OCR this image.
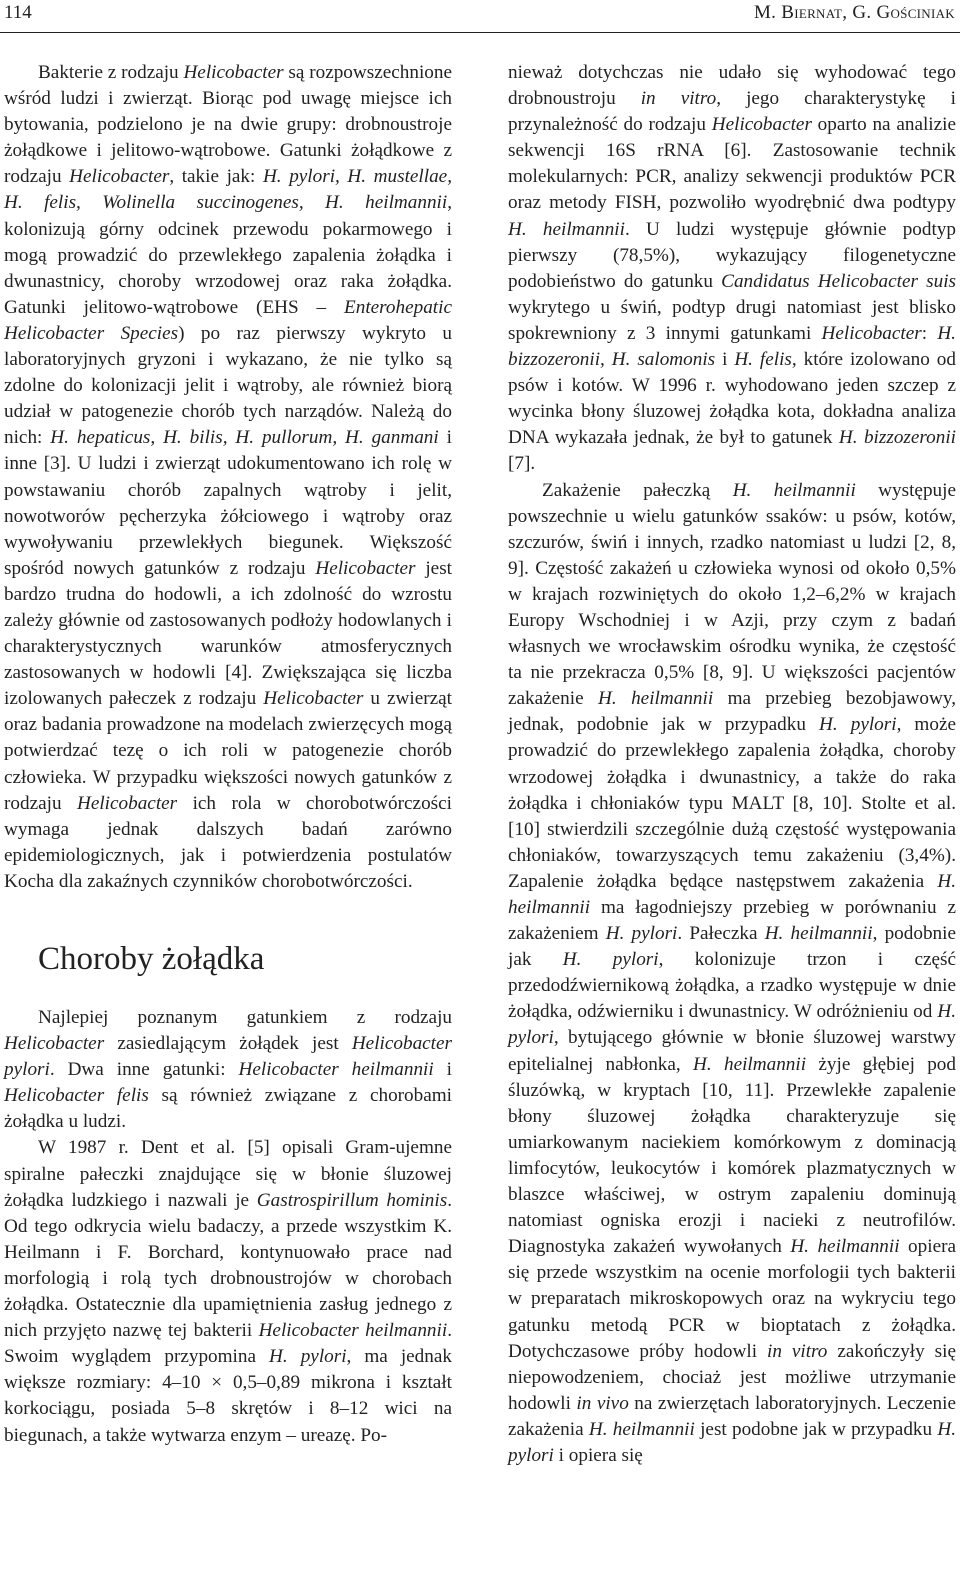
114	M. Biernat, G. Gościniak

Bakterie z rodzaju Helicobacter są rozpowszechnione wśród ludzi i zwierząt. Biorąc pod uwagę miejsce ich bytowania, podzielono je na dwie grupy: drobnoustroje żołądkowe i jelitowo-wątrobowe. Gatunki żołądkowe z rodzaju Helicobacter, takie jak: H. pylori, H. mustellae, H. felis, Wolinella succinogenes, H. heilmannii, kolonizują górny odcinek przewodu pokarmowego i mogą prowadzić do przewlekłego zapalenia żołądka i dwunastnicy, choroby wrzodowej oraz raka żołądka. Gatunki jelitowo-wątrobowe (EHS – Enterohepatic Helicobacter Species) po raz pierwszy wykryto u laboratoryjnych gryzoni i wykazano, że nie tylko są zdolne do kolonizacji jelit i wątroby, ale również biorą udział w patogenezie chorób tych narządów. Należą do nich: H. hepaticus, H. bilis, H. pullorum, H. ganmani i inne [3]. U ludzi i zwierząt udokumentowano ich rolę w powstawaniu chorób zapalnych wątroby i jelit, nowotworów pęcherzyka żółciowego i wątroby oraz wywoływaniu przewlekłych biegunek. Większość spośród nowych gatunków z rodzaju Helicobacter jest bardzo trudna do hodowli, a ich zdolność do wzrostu zależy głównie od zastosowanych podłoży hodowlanych i charakterystycznych warunków atmosferycznych zastosowanych w hodowli [4]. Zwiększająca się liczba izolowanych pałeczek z rodzaju Helicobacter u zwierząt oraz badania prowadzone na modelach zwierzęcych mogą potwierdzać tezę o ich roli w patogenezie chorób człowieka. W przypadku większości nowych gatunków z rodzaju Helicobacter ich rola w chorobotwórczości wymaga jednak dalszych badań zarówno epidemiologicznych, jak i potwierdzenia postulatów Kocha dla zakaźnych czynników chorobotwórczości.

Choroby żołądka

Najlepiej poznanym gatunkiem z rodzaju Helicobacter zasiedlającym żołądek jest Helicobacter pylori. Dwa inne gatunki: Helicobacter heilmannii i Helicobacter felis są również związane z chorobami żołądka u ludzi.

W 1987 r. Dent et al. [5] opisali Gram-ujemne spiralne pałeczki znajdujące się w błonie śluzowej żołądka ludzkiego i nazwali je Gastrospirillum hominis. Od tego odkrycia wielu badaczy, a przede wszystkim K. Heilmann i F. Borchard, kontynuowało prace nad morfologią i rolą tych drobnoustrojów w chorobach żołądka. Ostatecznie dla upamiętnienia zasług jednego z nich przyjęto nazwę tej bakterii Helicobacter heilmannii. Swoim wyglądem przypomina H. pylori, ma jednak większe rozmiary: 4–10 × 0,5–0,89 mikrona i kształt korkociągu, posiada 5–8 skrętów i 8–12 wici na biegunach, a także wytwarza enzym – ureazę. Po-

nieważ dotychczas nie udało się wyhodować tego drobnoustroju in vitro, jego charakterystykę i przynależność do rodzaju Helicobacter oparto na analizie sekwencji 16S rRNA [6]. Zastosowanie technik molekularnych: PCR, analizy sekwencji produktów PCR oraz metody FISH, pozwoliło wyodrębnić dwa podtypy H. heilmannii. U ludzi występuje głównie podtyp pierwszy (78,5%), wykazujący filogenetyczne podobieństwo do gatunku Candidatus Helicobacter suis wykrytego u świń, podtyp drugi natomiast jest blisko spokrewniony z 3 innymi gatunkami Helicobacter: H. bizzozeronii, H. salomonis i H. felis, które izolowano od psów i kotów. W 1996 r. wyhodowano jeden szczep z wycinka błony śluzowej żołądka kota, dokładna analiza DNA wykazała jednak, że był to gatunek H. bizzozeronii [7].

Zakażenie pałeczką H. heilmannii występuje powszechnie u wielu gatunków ssaków: u psów, kotów, szczurów, świń i innych, rzadko natomiast u ludzi [2, 8, 9]. Częstość zakażeń u człowieka wynosi od około 0,5% w krajach rozwiniętych do około 1,2–6,2% w krajach Europy Wschodniej i w Azji, przy czym z badań własnych we wrocławskim ośrodku wynika, że częstość ta nie przekracza 0,5% [8, 9]. U większości pacjentów zakażenie H. heilmannii ma przebieg bezobjawowy, jednak, podobnie jak w przypadku H. pylori, może prowadzić do przewlekłego zapalenia żołądka, choroby wrzodowej żołądka i dwunastnicy, a także do raka żołądka i chłoniaków typu MALT [8, 10]. Stolte et al. [10] stwierdzili szczególnie dużą częstość występowania chłoniaków, towarzyszących temu zakażeniu (3,4%). Zapalenie żołądka będące następstwem zakażenia H. heilmannii ma łagodniejszy przebieg w porównaniu z zakażeniem H. pylori. Pałeczka H. heilmannii, podobnie jak H. pylori, kolonizuje trzon i część przedodźwiernikową żołądka, a rzadko występuje w dnie żołądka, odźwierniku i dwunastnicy. W odróżnieniu od H. pylori, bytującego głównie w błonie śluzowej warstwy epitelialnej nabłonka, H. heilmannii żyje głębiej pod śluzówką, w kryptach [10, 11]. Przewlekłe zapalenie błony śluzowej żołądka charakteryzuje się umiarkowanym naciekiem komórkowym z dominacją limfocytów, leukocytów i komórek plazmatycznych w blaszce właściwej, w ostrym zapaleniu dominują natomiast ogniska erozji i nacieki z neutrofilów. Diagnostyka zakażeń wywołanych H. heilmannii opiera się przede wszystkim na ocenie morfologii tych bakterii w preparatach mikroskopowych oraz na wykryciu tego gatunku metodą PCR w bioptatach z żołądka. Dotychczasowe próby hodowli in vitro zakończyły się niepowodzeniem, chociaż jest możliwe utrzymanie hodowli in vivo na zwierzętach laboratoryjnych. Leczenie zakażenia H. heilmannii jest podobne jak w przypadku H. pylori i opiera się
